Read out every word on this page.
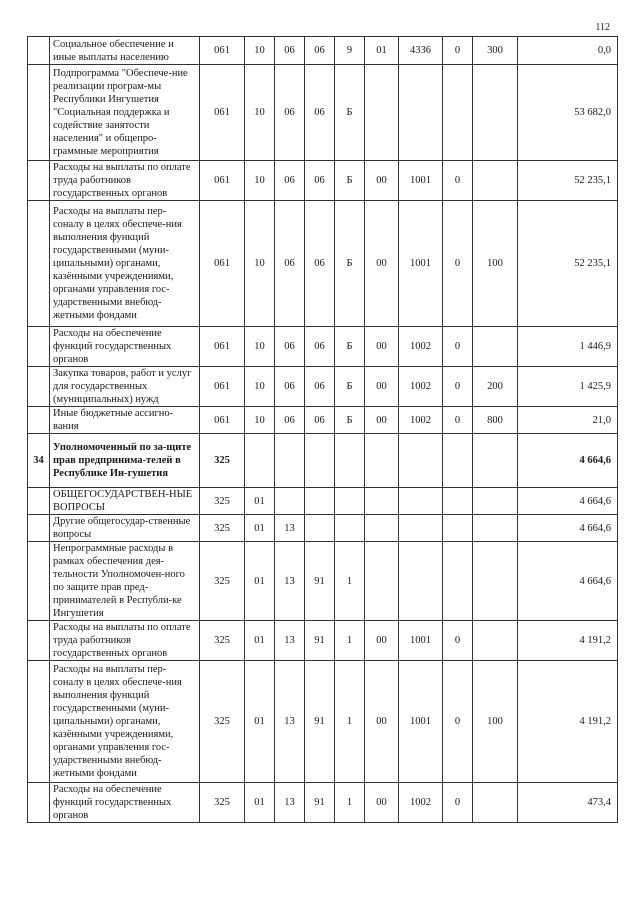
112
	Социальное обеспечение и иные выплаты населению	061	10	06	06	9	01	4336	0	300	0,0
	Подпрограмма "Обеспече-ние реализации програм-мы Республики Ингушетия "Социальная поддержка и содействие занятости населения" и общепро-граммные мероприятия	061	10	06	06	Б					53 682,0
	Расходы на выплаты по оплате труда работников государственных органов	061	10	06	06	Б	00	1001	0		52 235,1
	Расходы на выплаты пер-соналу в целях обеспече-ния выполнения функций государственными (муни-ципальными) органами, казёнными учреждениями, органами управления гос-ударственными внебюд-жетными фондами	061	10	06	06	Б	00	1001	0	100	52 235,1
	Расходы на обеспечение функций государственных органов	061	10	06	06	Б	00	1002	0		1 446,9
	Закупка товаров, работ и услуг для государственных (муниципальных) нужд	061	10	06	06	Б	00	1002	0	200	1 425,9
	Иные бюджетные ассигно-вания	061	10	06	06	Б	00	1002	0	800	21,0
34	Уполномоченный по за-щите прав предпринима-телей в Республике Ин-гушетия	325									4 664,6
	ОБЩЕГОСУДАРСТВЕН-НЫЕ ВОПРОСЫ	325	01								4 664,6
	Другие общегосудар-ственные вопросы	325	01	13							4 664,6
	Непрограммные расходы в рамках обеспечения дея-тельности Уполномочен-ного по защите прав пред-принимателей в Республи-ке Ингушетия	325	01	13	91	1					4 664,6
	Расходы на выплаты по оплате труда работников государственных органов	325	01	13	91	1	00	1001	0		4 191,2
	Расходы на выплаты пер-соналу в целях обеспече-ния выполнения функций государственными (муни-ципальными) органами, казёнными учреждениями, органами управления гос-ударственными внебюд-жетными фондами	325	01	13	91	1	00	1001	0	100	4 191,2
	Расходы на обеспечение функций государственных органов	325	01	13	91	1	00	1002	0		473,4
